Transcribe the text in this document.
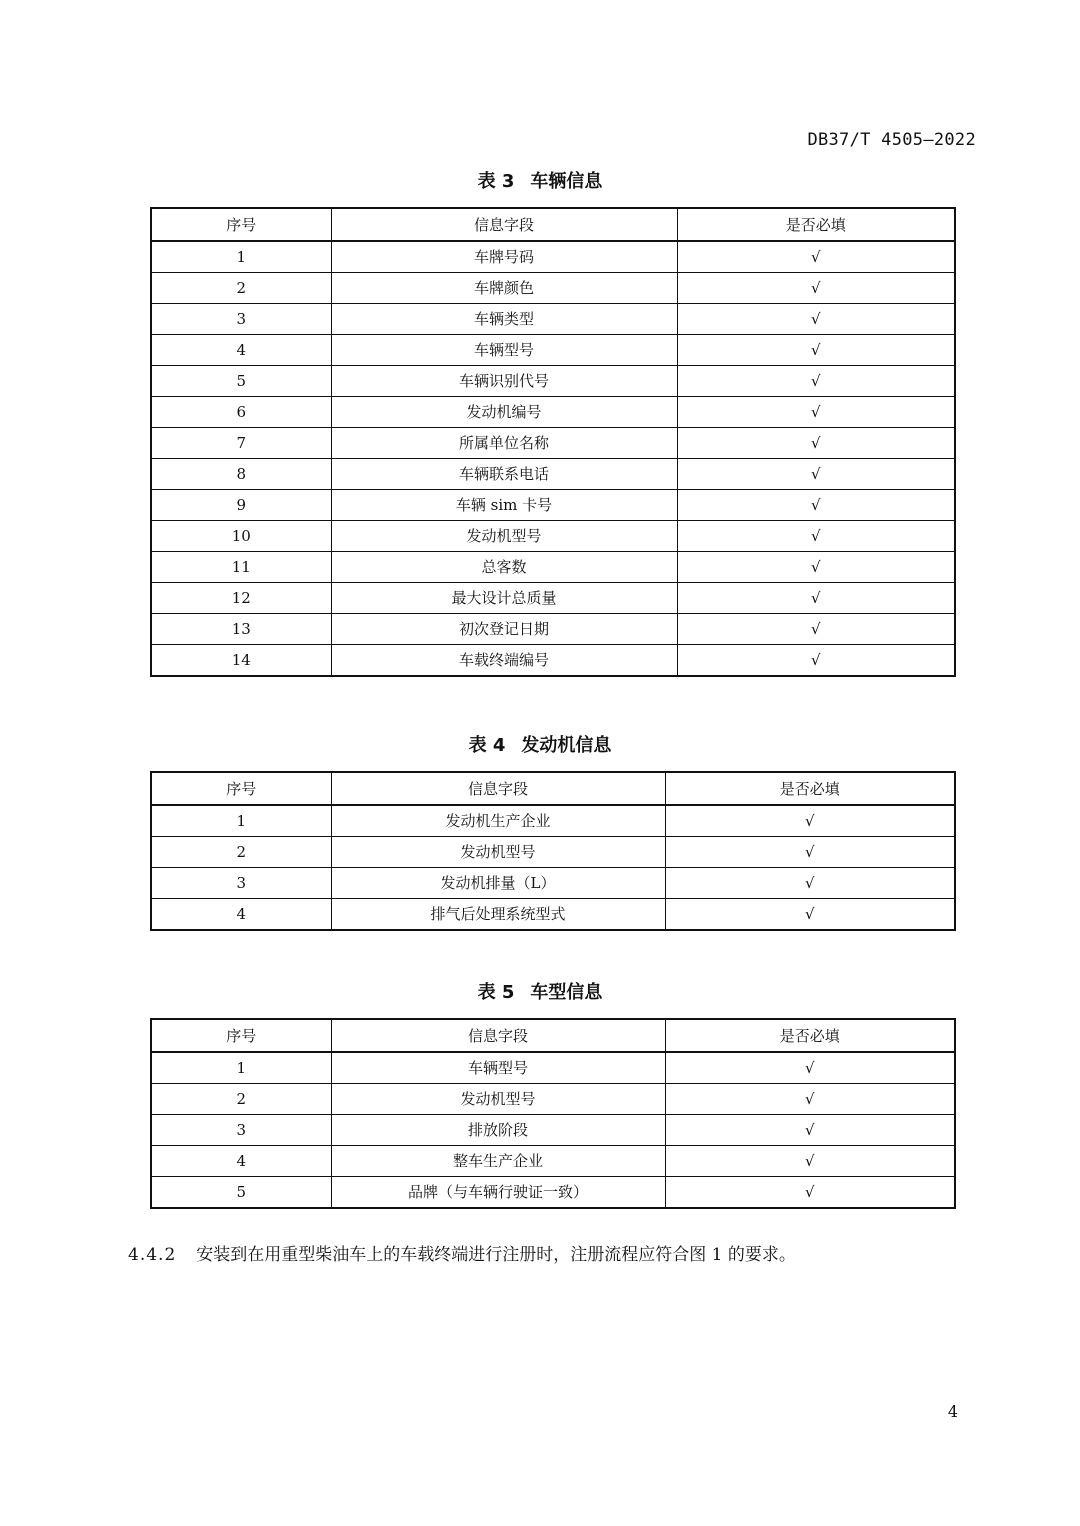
DB37/T 4505—2022
表 3 车辆信息
序号	信息字段	是否必填
1	车牌号码	√
2	车牌颜色	√
3	车辆类型	√
4	车辆型号	√
5	车辆识别代号	√
6	发动机编号	√
7	所属单位名称	√
8	车辆联系电话	√
9	车辆 sim 卡号	√
10	发动机型号	√
11	总客数	√
12	最大设计总质量	√
13	初次登记日期	√
14	车载终端编号	√
表 4 发动机信息
序号	信息字段	是否必填
1	发动机生产企业	√
2	发动机型号	√
3	发动机排量（L）	√
4	排气后处理系统型式	√
表 5 车型信息
序号	信息字段	是否必填
1	车辆型号	√
2	发动机型号	√
3	排放阶段	√
4	整车生产企业	√
5	品牌（与车辆行驶证一致）	√
4.4.2 安装到在用重型柴油车上的车载终端进行注册时，注册流程应符合图 1 的要求。
4
